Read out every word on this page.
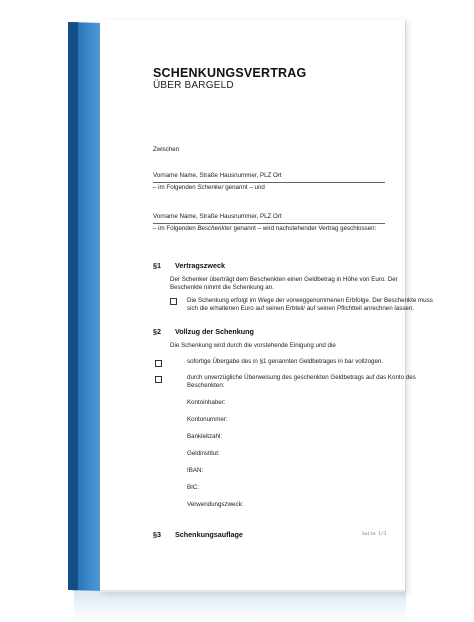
SCHENKUNGSVERTRAG
ÜBER BARGELD
Zwischen
Vorname Name, Straße Hausnummer, PLZ Ort
– im Folgenden Schenker genannt – und
Vorname Name, Straße Hausnummer, PLZ Ort
– im Folgenden Beschenkter genannt – wird nachstehender Vertrag geschlossen:
§1 Vertragszweck
Der Schenker überträgt dem Beschenkten einen Geldbetrag in Höhe von Euro. Der
Beschenkte nimmt die Schenkung an.
Die Schenkung erfolgt im Wege der vorweggenommenen Erbfolge. Der Beschenkte muss
sich die erhaltenen Euro auf seinen Erbteil/ auf seinen Pflichtteil anrechnen lassen.
§2 Vollzug der Schenkung
Die Schenkung wird durch die vorstehende Einigung und die
sofortige Übergabe des in §1 genannten Geldbetrages in bar vollzogen.
durch unverzügliche Überweisung des geschenkten Geldbetrags auf das Konto des
Beschenkten:
Kontoinhaber:
Kontonummer:
Bankleitzahl:
Geldinstitut:
IBAN:
BIC:
Verwendungszweck:
§3 Schenkungsauflage	Seite 1/3
